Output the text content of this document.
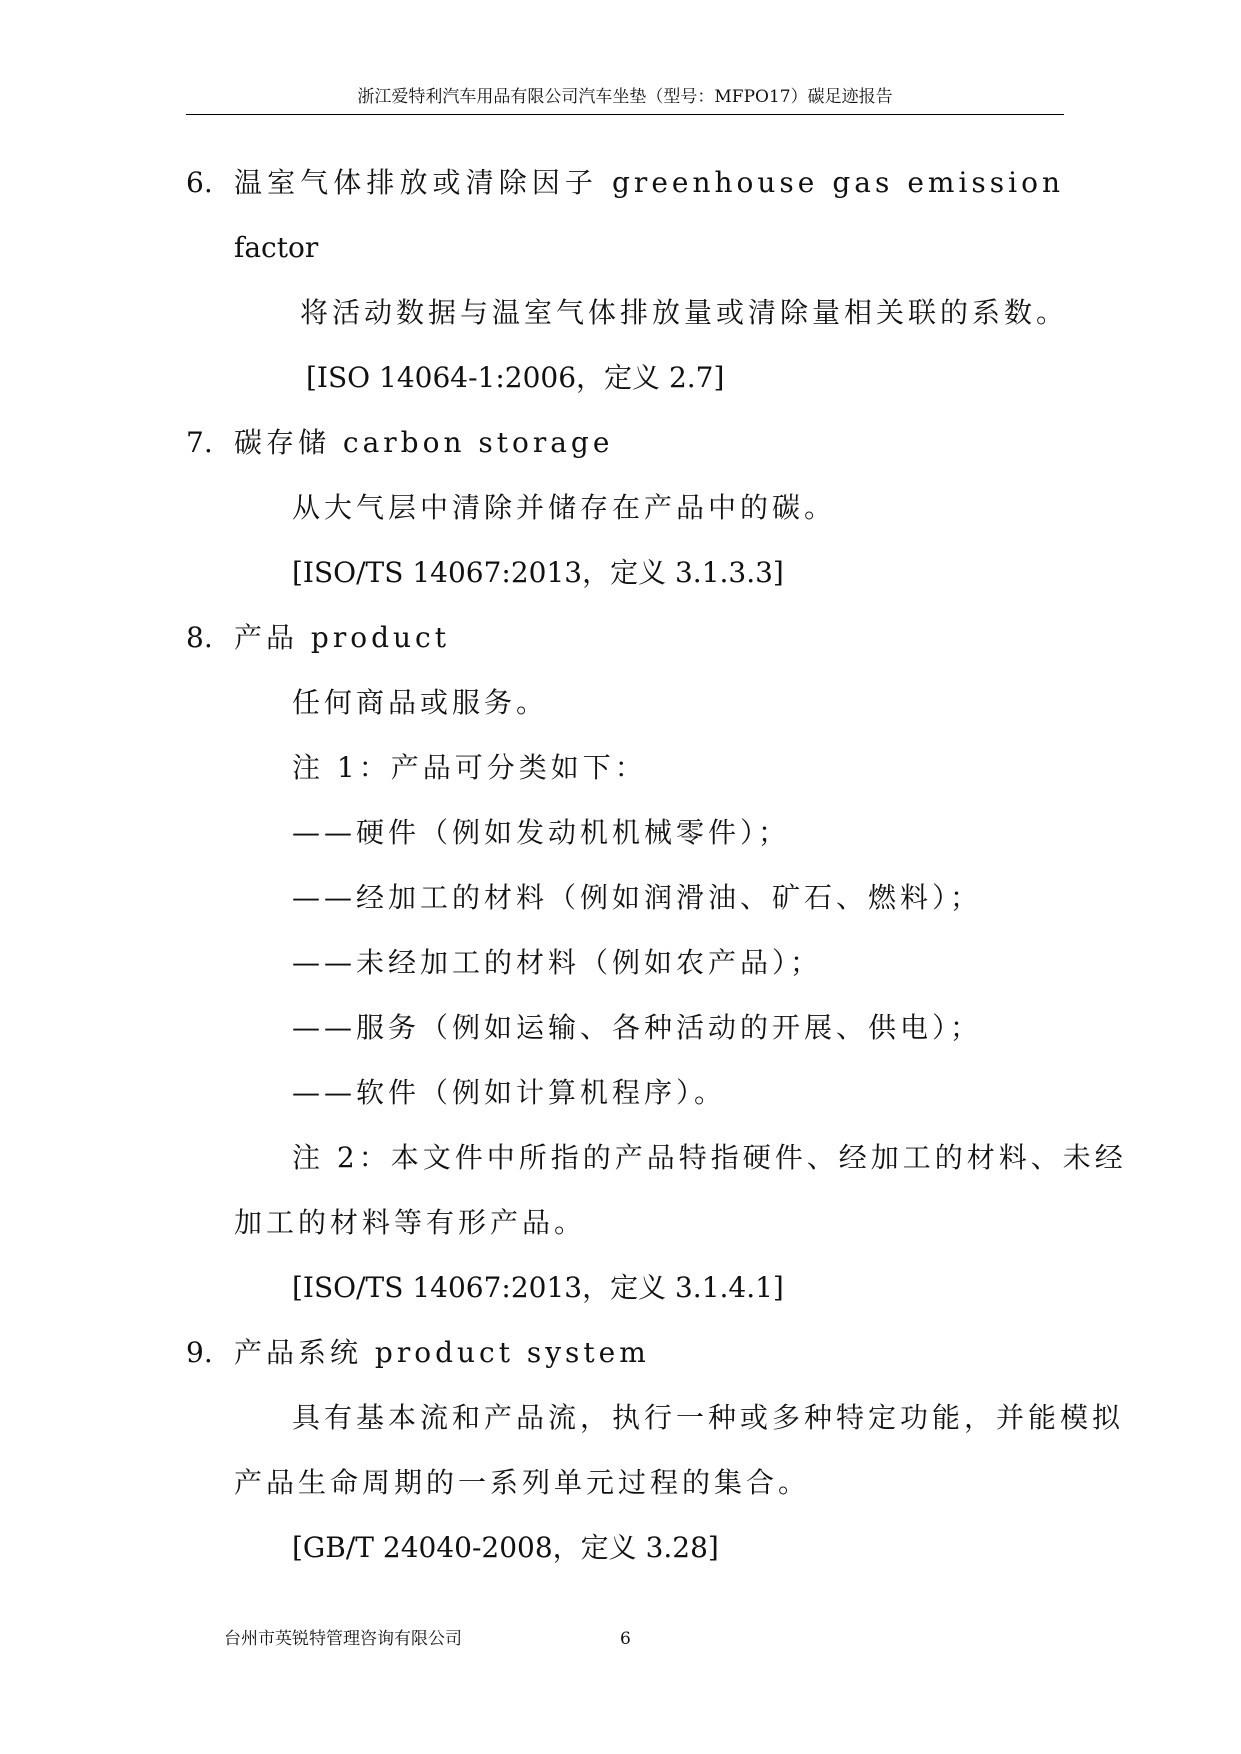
浙江爱特利汽车用品有限公司汽车坐垫（型号：MFPO17）碳足迹报告
6. 温室气体排放或清除因子 greenhouse gas emission
factor
将活动数据与温室气体排放量或清除量相关联的系数。
[ISO 14064-1:2006，定义 2.7]
7. 碳存储 carbon storage
从大气层中清除并储存在产品中的碳。
[ISO/TS 14067:2013，定义 3.1.3.3]
8. 产品 product
任何商品或服务。
注 1：产品可分类如下：
——硬件（例如发动机机械零件）；
——经加工的材料（例如润滑油、矿石、燃料）；
——未经加工的材料（例如农产品）；
——服务（例如运输、各种活动的开展、供电）；
——软件（例如计算机程序）。
注 2：本文件中所指的产品特指硬件、经加工的材料、未经
加工的材料等有形产品。
[ISO/TS 14067:2013，定义 3.1.4.1]
9. 产品系统 product system
具有基本流和产品流，执行一种或多种特定功能，并能模拟
产品生命周期的一系列单元过程的集合。
[GB/T 24040-2008，定义 3.28]
台州市英锐特管理咨询有限公司	6
